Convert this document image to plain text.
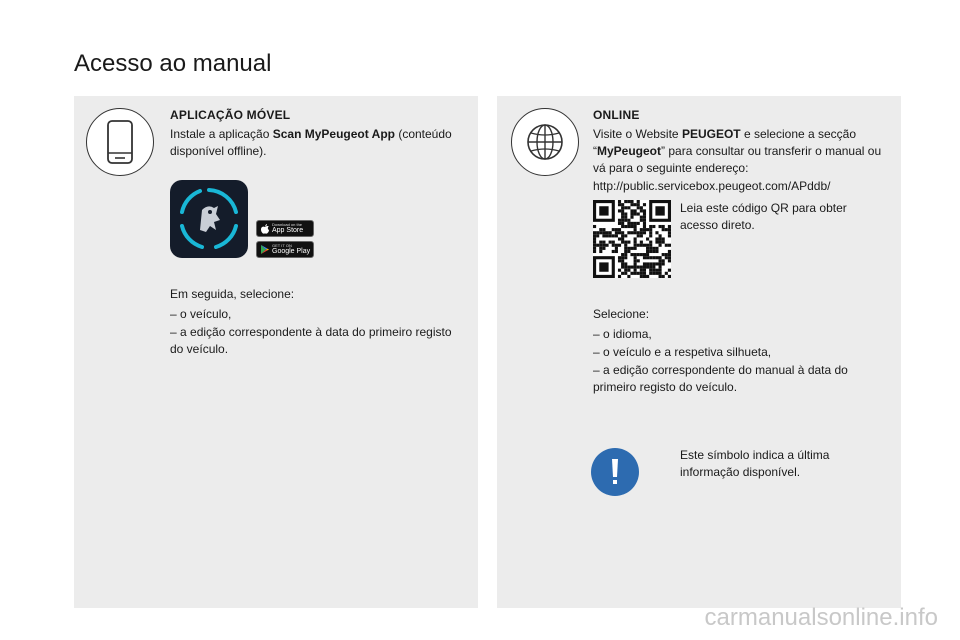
Acesso ao manual
APLICAÇÃO MÓVEL

Instale a aplicação Scan MyPeugeot App (conteúdo disponível offline).

Download on the
App Store
GET IT ON
Google Play

Em seguida, selecione:

– o veículo,

– a edição correspondente à data do primeiro registo do veículo.

ONLINE

Visite o Website PEUGEOT e selecione a secção “MyPeugeot” para consultar ou transferir o manual ou vá para o seguinte endereço:

http://public.servicebox.peugeot.com/APddb/

Leia este código QR para obter acesso direto.

Selecione:

– o idioma,

– o veículo e a respetiva silhueta,

– a edição correspondente do manual à data do primeiro registo do veículo.

Este símbolo indica a última informação disponível.

carmanualsonline.info
